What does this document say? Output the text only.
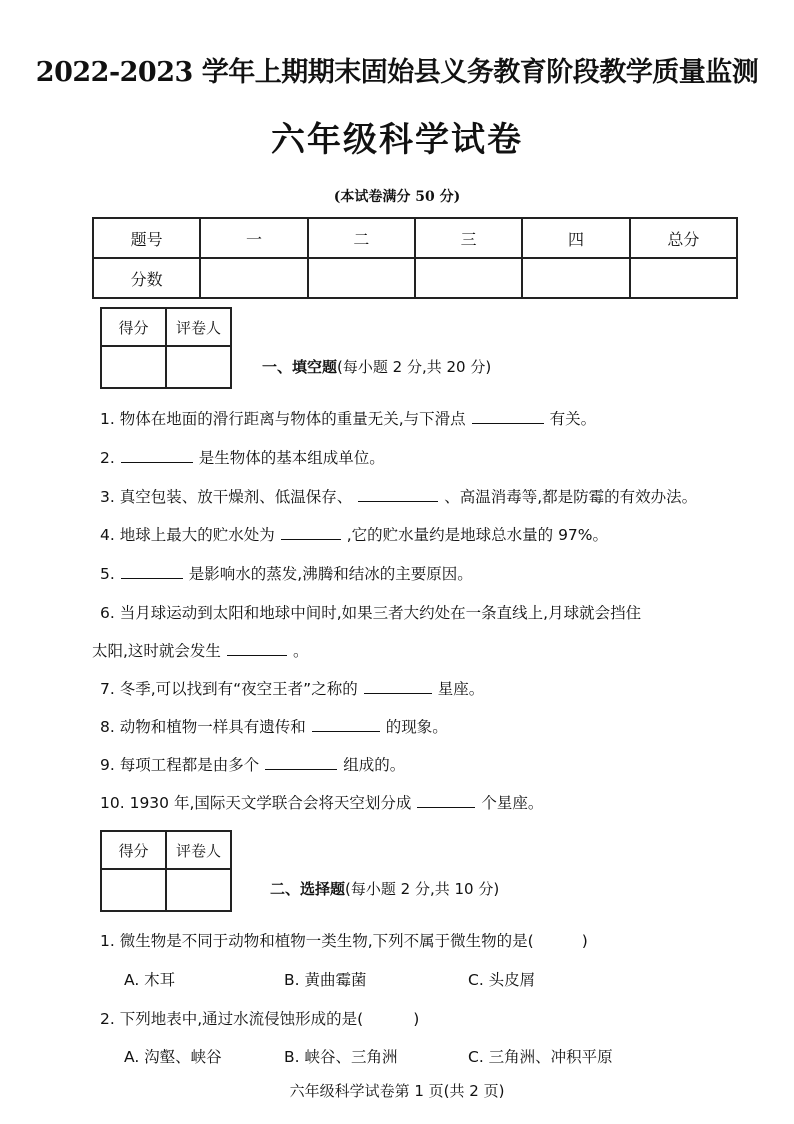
2022-2023 学年上期期末固始县义务教育阶段教学质量监测
六年级科学试卷
(本试卷满分 50 分)
题号	一	二	三	四	总分
分数					
得分	评卷人

一、填空题(每小题 2 分,共 20 分)
1. 物体在地面的滑行距离与物体的重量无关,与下滑点	有关。
2.	是生物体的基本组成单位。
3. 真空包装、放干燥剂、低温保存、	、高温消毒等,都是防霉的有效办法。
4. 地球上最大的贮水处为	,它的贮水量约是地球总水量的 97%。
5.	是影响水的蒸发,沸腾和结冰的主要原因。
6. 当月球运动到太阳和地球中间时,如果三者大约处在一条直线上,月球就会挡住
太阳,这时就会发生	。
7. 冬季,可以找到有“夜空王者”之称的	星座。
8. 动物和植物一样具有遗传和	的现象。
9. 每项工程都是由多个	组成的。
10. 1930 年,国际天文学联合会将天空划分成	个星座。
得分	评卷人

二、选择题(每小题 2 分,共 10 分)
1. 微生物是不同于动物和植物一类生物,下列不属于微生物的是(	)
A. 木耳	B. 黄曲霉菌	C. 头皮屑
2. 下列地表中,通过水流侵蚀形成的是(	)
A. 沟壑、峡谷	B. 峡谷、三角洲	C. 三角洲、冲积平原
六年级科学试卷第 1 页(共 2 页)
